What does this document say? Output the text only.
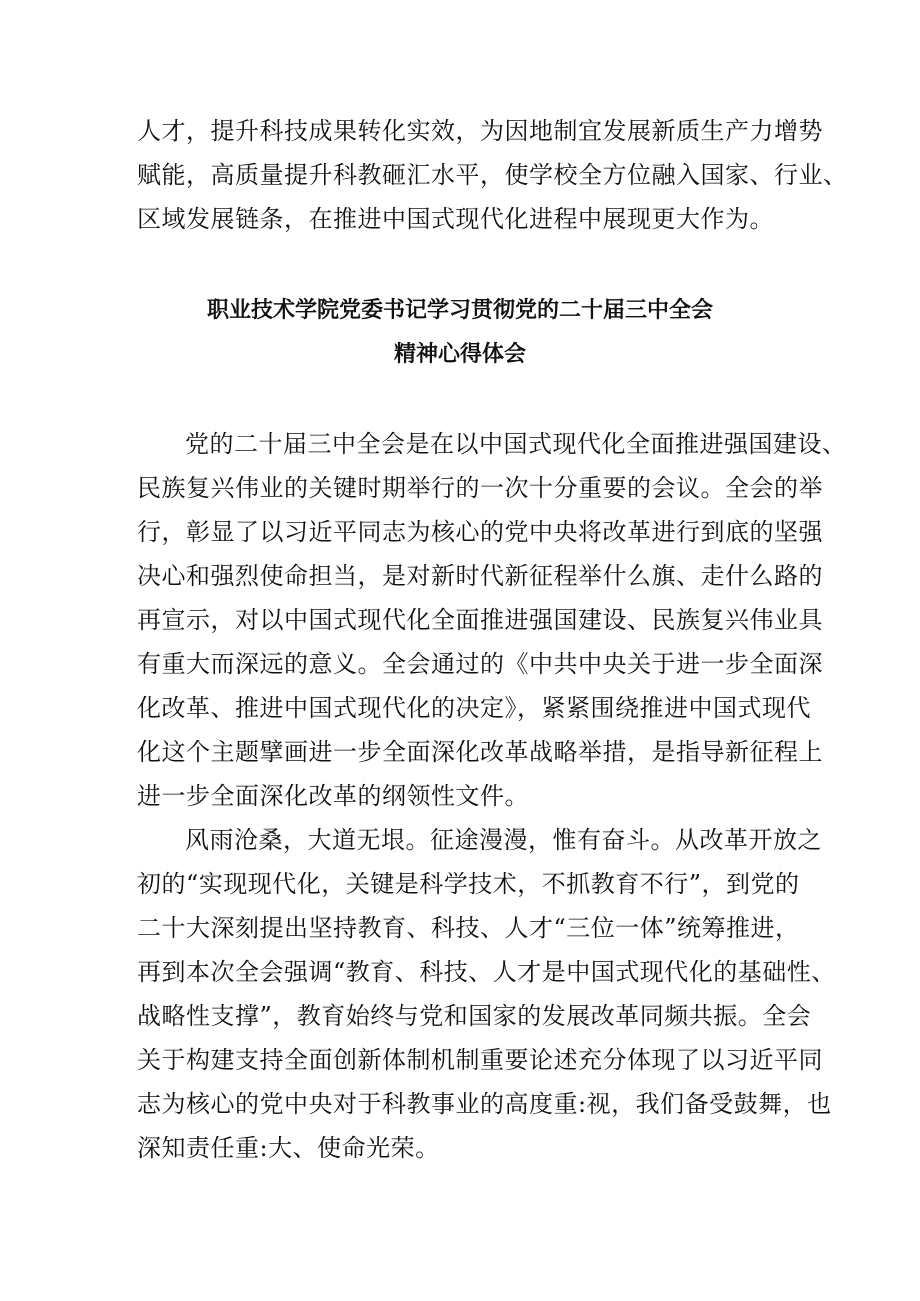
人才，提升科技成果转化实效，为因地制宜发展新质生产力增势
赋能，高质量提升科教砸汇水平，使学校全方位融入国家、行业、
区域发展链条，在推进中国式现代化进程中展现更大作为。
职业技术学院党委书记学习贯彻党的二十届三中全会
精神心得体会
党的二十届三中全会是在以中国式现代化全面推进强国建设、
民族复兴伟业的关键时期举行的一次十分重要的会议。全会的举
行，彰显了以习近平同志为核心的党中央将改革进行到底的坚强
决心和强烈使命担当，是对新时代新征程举什么旗、走什么路的
再宣示，对以中国式现代化全面推进强国建设、民族复兴伟业具
有重大而深远的意义。全会通过的《中共中央关于进一步全面深
化改革、推进中国式现代化的决定》，紧紧围绕推进中国式现代
化这个主题擘画进一步全面深化改革战略举措，是指导新征程上
进一步全面深化改革的纲领性文件。
风雨沧桑，大道无垠。征途漫漫，惟有奋斗。从改革开放之
初的“实现现代化，关键是科学技术，不抓教育不行”，到党的
二十大深刻提出坚持教育、科技、人才“三位一体”统筹推进，
再到本次全会强调“教育、科技、人才是中国式现代化的基础性、
战略性支撑”，教育始终与党和国家的发展改革同频共振。全会
关于构建支持全面创新体制机制重要论述充分体现了以习近平同
志为核心的党中央对于科教事业的高度重:视，我们备受鼓舞，也
深知责任重:大、使命光荣。
